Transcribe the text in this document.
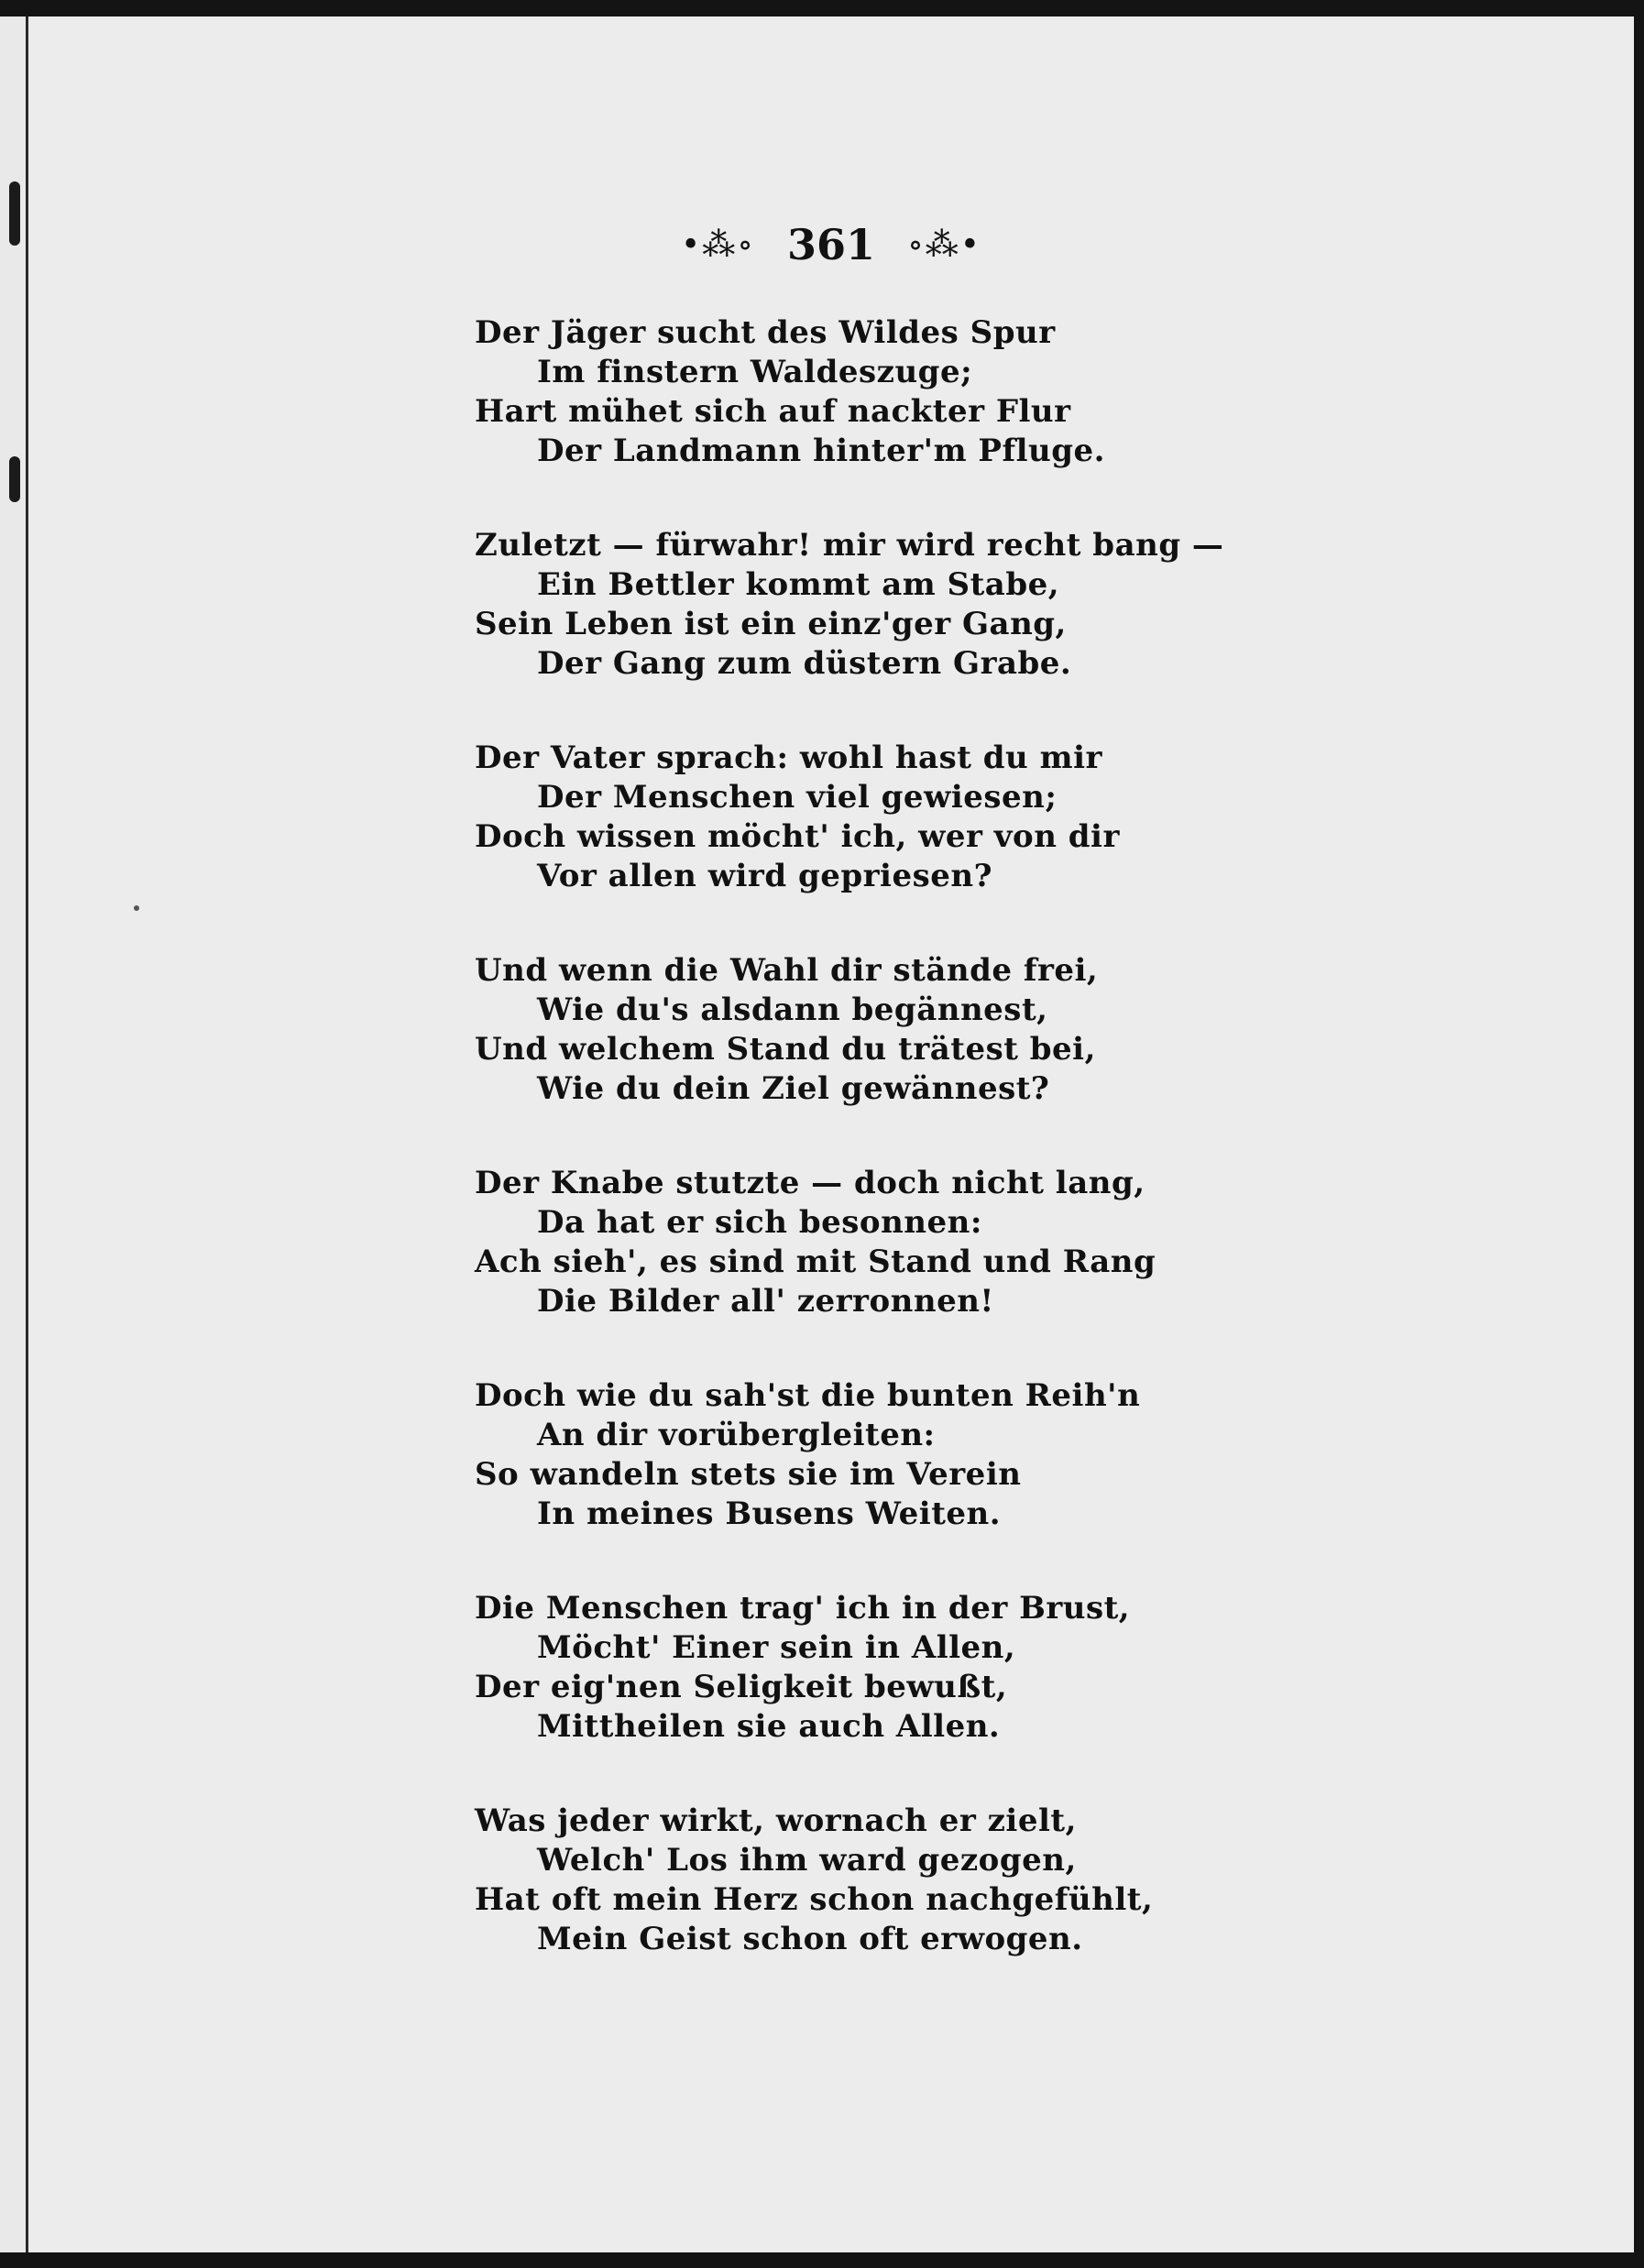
•⁂∘ 361 ∘⁂•
Der Jäger sucht des Wildes Spur
Im finstern Waldeszuge;
Hart mühet sich auf nackter Flur
Der Landmann hinter'm Pfluge.
Zuletzt — fürwahr! mir wird recht bang —
Ein Bettler kommt am Stabe,
Sein Leben ist ein einz'ger Gang,
Der Gang zum düstern Grabe.
Der Vater sprach: wohl hast du mir
Der Menschen viel gewiesen;
Doch wissen möcht' ich, wer von dir
Vor allen wird gepriesen?
Und wenn die Wahl dir stände frei,
Wie du's alsdann begännest,
Und welchem Stand du trätest bei,
Wie du dein Ziel gewännest?
Der Knabe stutzte — doch nicht lang,
Da hat er sich besonnen:
Ach sieh', es sind mit Stand und Rang
Die Bilder all' zerronnen!
Doch wie du sah'st die bunten Reih'n
An dir vorübergleiten:
So wandeln stets sie im Verein
In meines Busens Weiten.
Die Menschen trag' ich in der Brust,
Möcht' Einer sein in Allen,
Der eig'nen Seligkeit bewußt,
Mittheilen sie auch Allen.
Was jeder wirkt, wornach er zielt,
Welch' Los ihm ward gezogen,
Hat oft mein Herz schon nachgefühlt,
Mein Geist schon oft erwogen.
